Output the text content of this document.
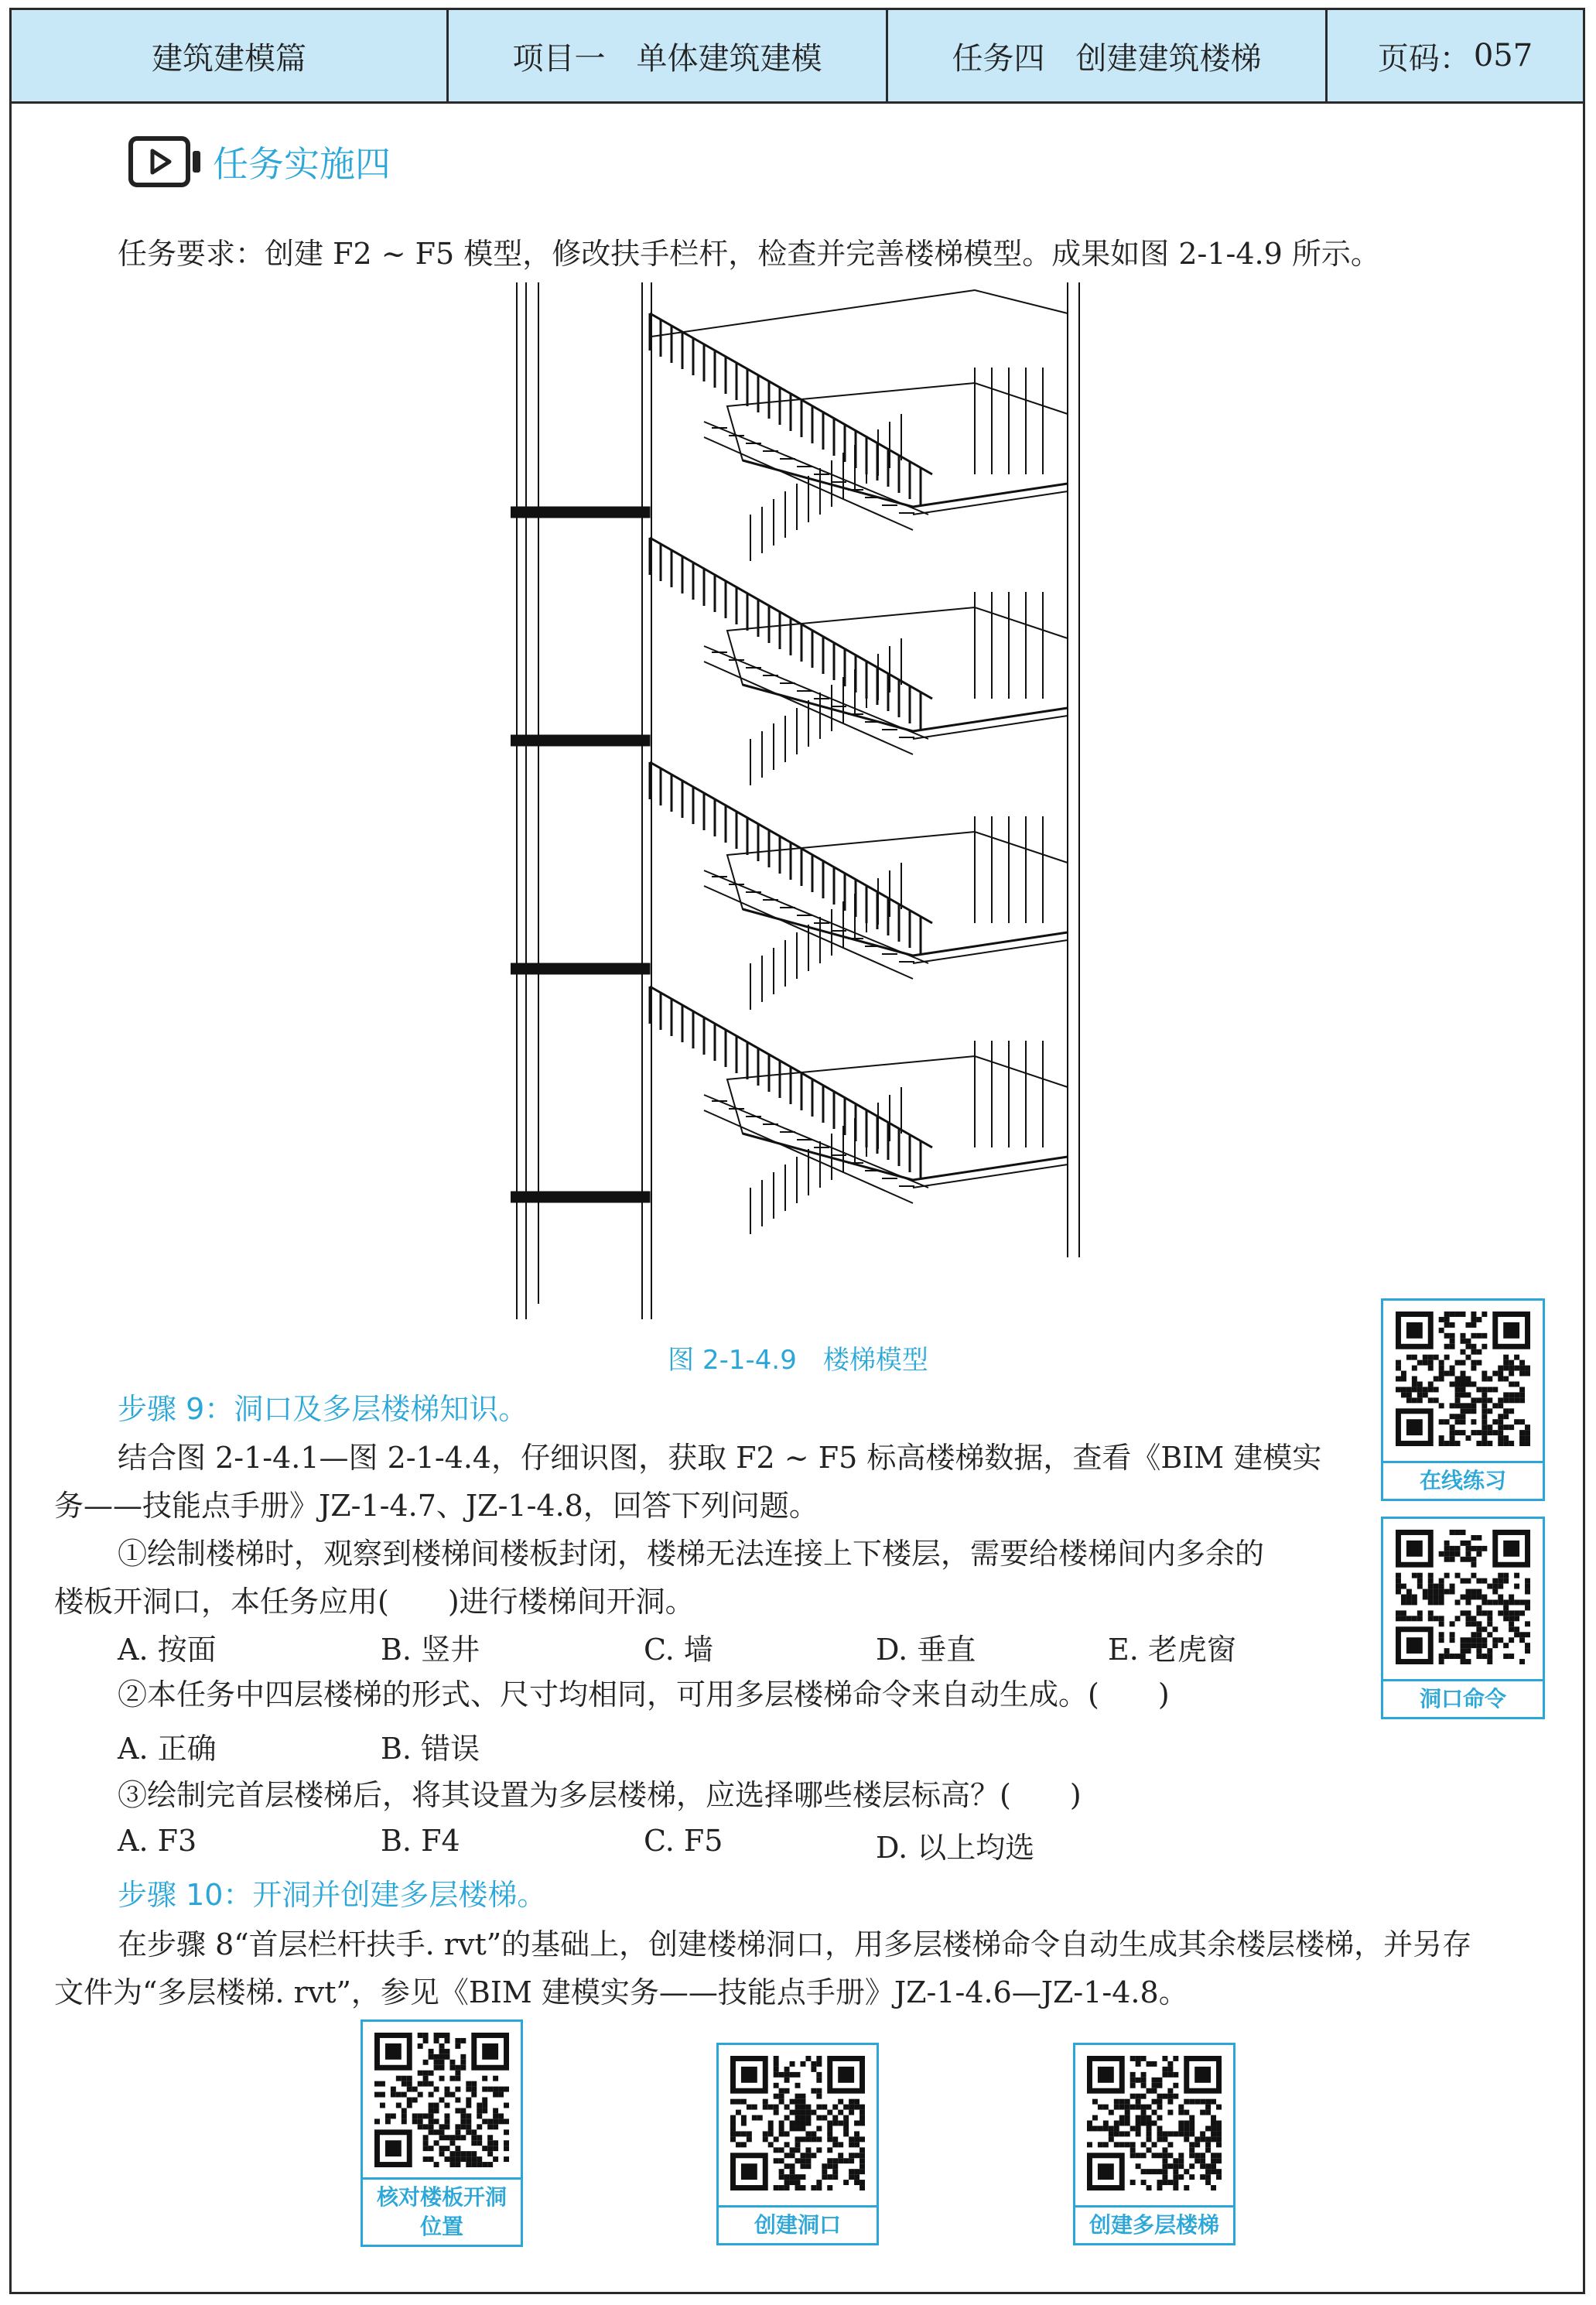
建筑建模篇	项目一　单体建筑建模	任务四　创建建筑楼梯	页码： 057
任务实施四
任务要求：创建 F2 ~ F5 模型，修改扶手栏杆，检查并完善楼梯模型。成果如图 2-1-4.9 所示。
图 2-1-4.9　楼梯模型
步骤 9：洞口及多层楼梯知识。
结合图 2-1-4.1—图 2-1-4.4，仔细识图，获取 F2 ~ F5 标高楼梯数据，查看《BIM 建模实
务——技能点手册》JZ-1-4.7、JZ-1-4.8，回答下列问题。
①绘制楼梯时，观察到楼梯间楼板封闭，楼梯无法连接上下楼层，需要给楼梯间内多余的
楼板开洞口，本任务应用(　　)进行楼梯间开洞。
A. 按面	B. 竖井	C. 墙	D. 垂直	E. 老虎窗
②本任务中四层楼梯的形式、尺寸均相同，可用多层楼梯命令来自动生成。(　　)
A. 正确	B. 错误
③绘制完首层楼梯后，将其设置为多层楼梯，应选择哪些楼层标高？(　　)
A. F3	B. F4	C. F5	D. 以上均选
步骤 10：开洞并创建多层楼梯。
在步骤 8“首层栏杆扶手. rvt”的基础上，创建楼梯洞口，用多层楼梯命令自动生成其余楼层楼梯，并另存
文件为“多层楼梯. rvt”，参见《BIM 建模实务——技能点手册》JZ-1-4.6—JZ-1-4.8。
在线练习
洞口命令
核对楼板开洞
位置	创建洞口	创建多层楼梯
